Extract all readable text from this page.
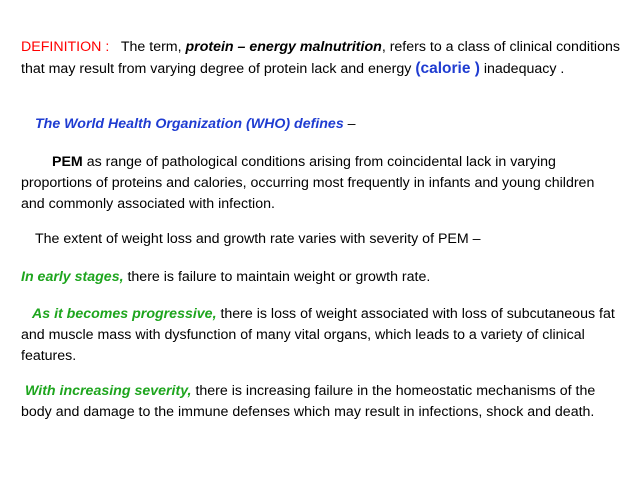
DEFINITION : The term, protein – energy malnutrition, refers to a class of clinical conditions that may result from varying degree of protein lack and energy (calorie ) inadequacy .

The World Health Organization (WHO) defines –

PEM as range of pathological conditions arising from coincidental lack in varying proportions of proteins and calories, occurring most frequently in infants and young children and commonly associated with infection.

The extent of weight loss and growth rate varies with severity of PEM –

In early stages, there is failure to maintain weight or growth rate.

As it becomes progressive, there is loss of weight associated with loss of subcutaneous fat and muscle mass with dysfunction of many vital organs, which leads to a variety of clinical features.

With increasing severity, there is increasing failure in the homeostatic mechanisms of the body and damage to the immune defenses which may result in infections, shock and death.
